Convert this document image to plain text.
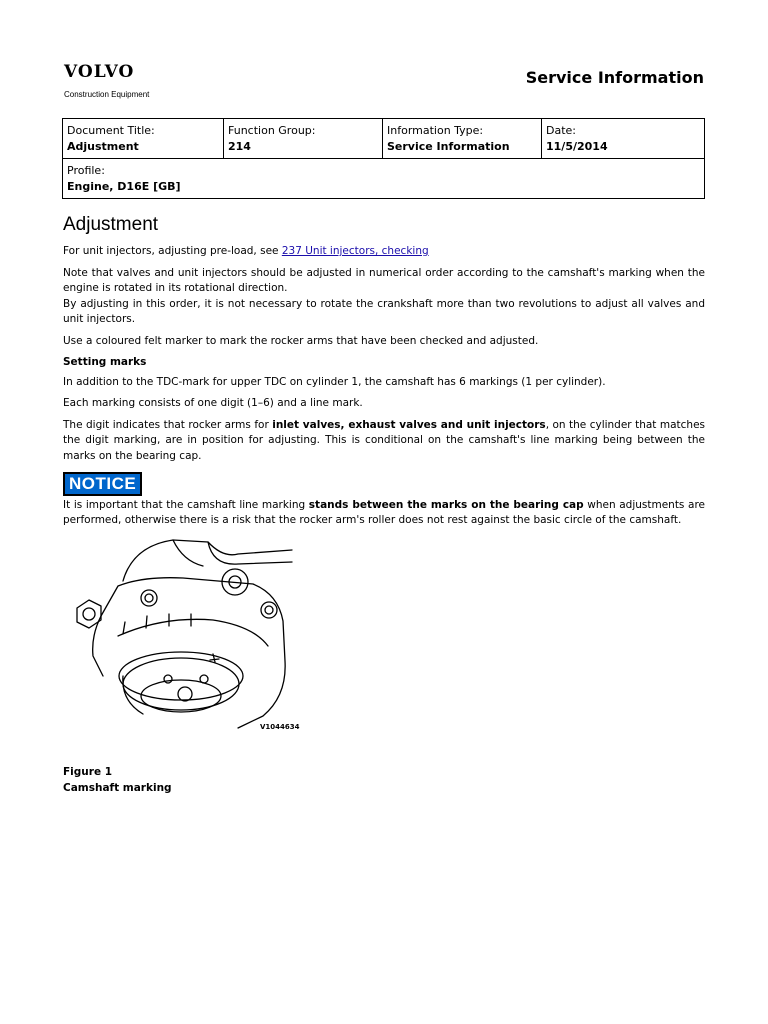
VOLVO
Construction Equipment
Service Information
Document Title:
Adjustment

Function Group:
214

Information Type:
Service Information

Date:
11/5/2014

Profile:
Engine, D16E [GB]
Adjustment

For unit injectors, adjusting pre-load, see 237 Unit injectors, checking

Note that valves and unit injectors should be adjusted in numerical order according to the camshaft's marking when the engine is rotated in its rotational direction.

By adjusting in this order, it is not necessary to rotate the crankshaft more than two revolutions to adjust all valves and unit injectors.

Use a coloured felt marker to mark the rocker arms that have been checked and adjusted.

Setting marks

In addition to the TDC-mark for upper TDC on cylinder 1, the camshaft has 6 markings (1 per cylinder).

Each marking consists of one digit (1–6) and a line mark.

The digit indicates that rocker arms for inlet valves, exhaust valves and unit injectors, on the cylinder that matches the digit marking, are in position for adjusting. This is conditional on the camshaft's line marking being between the marks on the bearing cap.

NOTICE

It is important that the camshaft line marking stands between the marks on the bearing cap when adjustments are performed, otherwise there is a risk that the rocker arm's roller does not rest against the basic circle of the camshaft.

V1044634
Figure 1
Camshaft marking
